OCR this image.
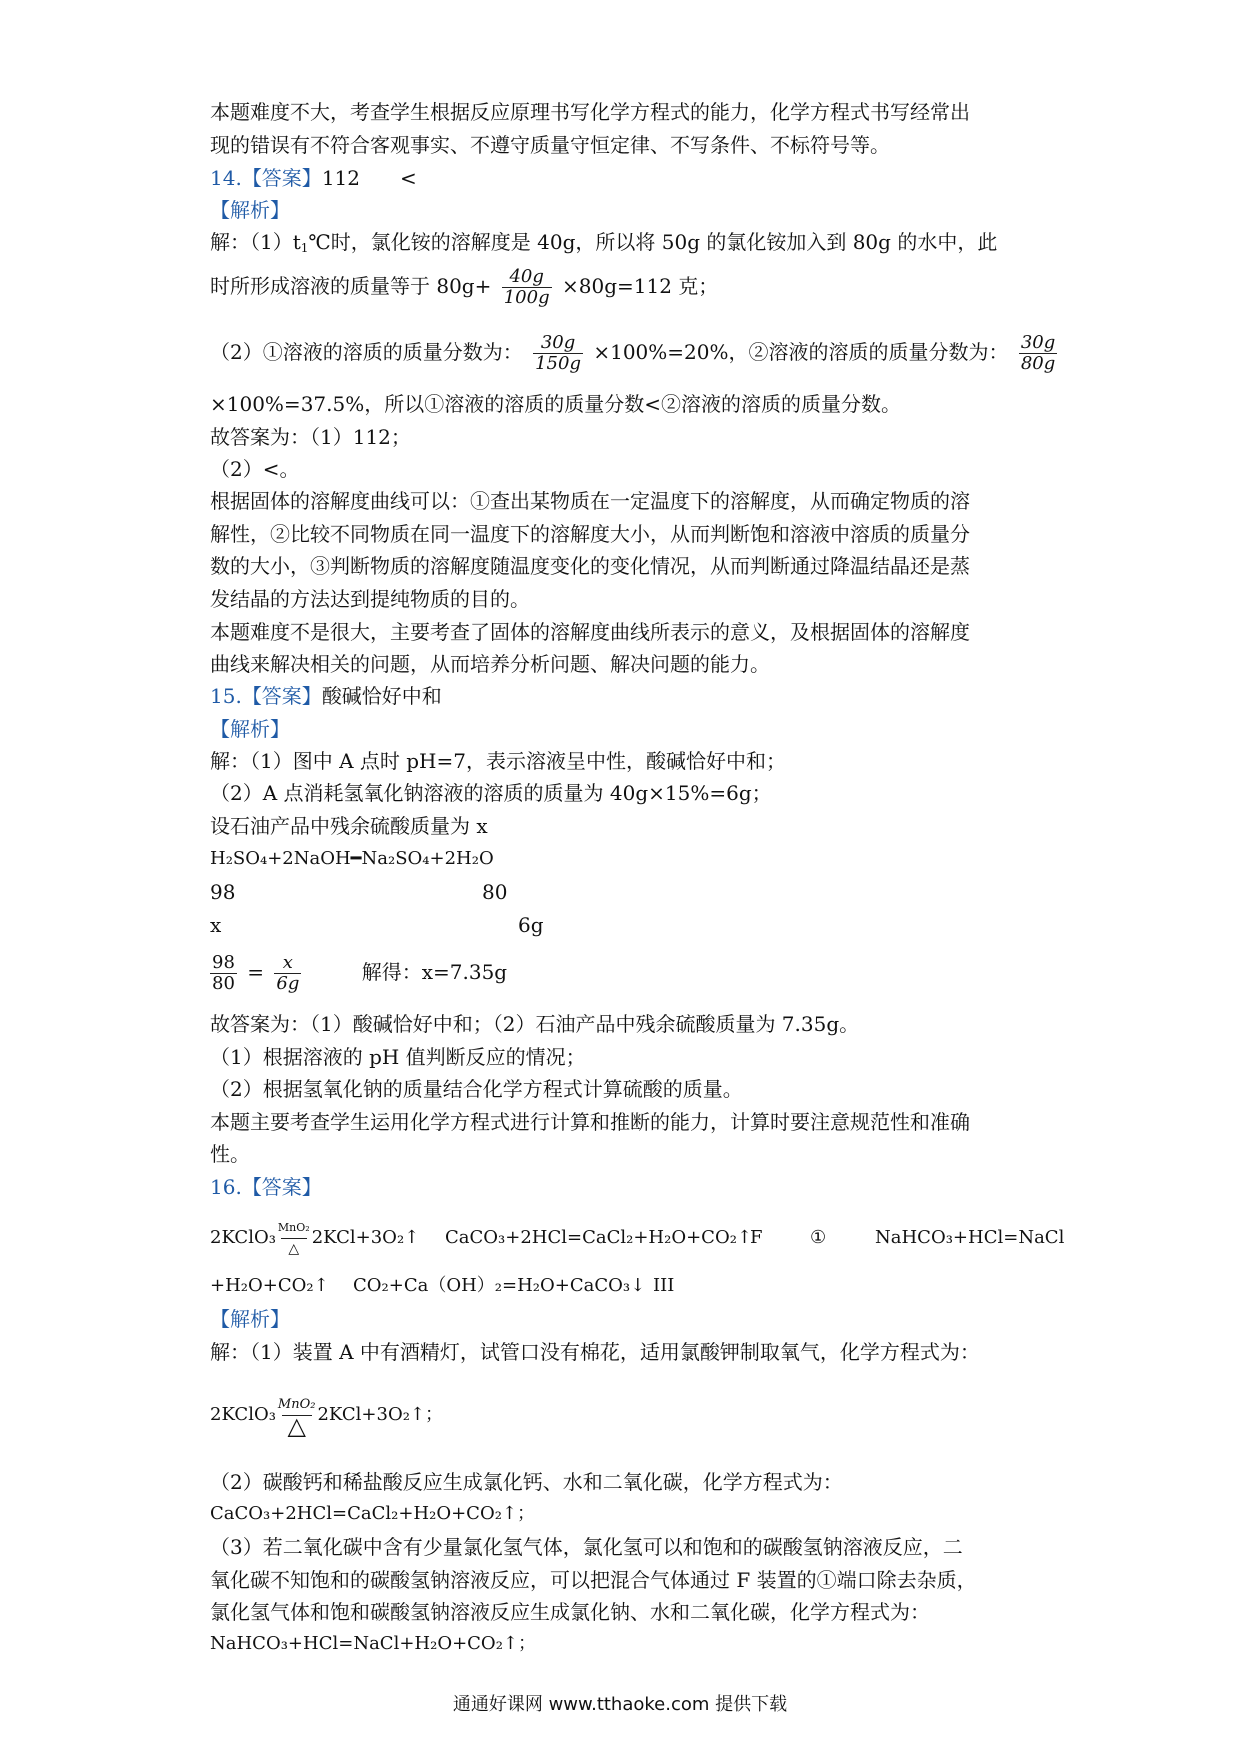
本题难度不大，考查学生根据反应原理书写化学方程式的能力，化学方程式书写经常出
现的错误有不符合客观事实、不遵守质量守恒定律、不写条件、不标符号等。
14.【答案】112　　<
【解析】
解：$(1)t_1℃$时，氯化铵的溶解度是 40g，所以将 50g 的氯化铵加入到 80g 的水中，此
时所形成溶液的质量等于 $80g+ \frac{40g}{100g} \times 80g=112$ 克；
（2）①溶液的溶质的质量分数为： $\frac{30g}{150g} \times 100\%=20\%$，②溶液的溶质的质量分数为： $\frac{30g}{80g}$
×100%=37.5%，所以①溶液的溶质的质量分数<②溶液的溶质的质量分数。
故答案为：（1）112；
（2）<。
根据固体的溶解度曲线可以：①查出某物质在一定温度下的溶解度，从而确定物质的溶
解性，②比较不同物质在同一温度下的溶解度大小，从而判断饱和溶液中溶质的质量分
数的大小，③判断物质的溶解度随温度变化的变化情况，从而判断通过降温结晶还是蒸
发结晶的方法达到提纯物质的目的。
本题难度不是很大，主要考查了固体的溶解度曲线所表示的意义，及根据固体的溶解度
曲线来解决相关的问题，从而培养分析问题、解决问题的能力。
15.【答案】酸碱恰好中和
【解析】
解：（1）图中 A 点时 pH=7，表示溶液呈中性，酸碱恰好中和；
（2）A 点消耗氢氧化钠溶液的溶质的质量为 40g×15%=6g；
设石油产品中残余硫酸质量为 x
H₂SO₄+2NaOH━Na₂SO₄+2H₂O
98	80
x	6g
$\frac{98}{80} = \frac{x}{6g}$	解得：x=7.35g
故答案为：（1）酸碱恰好中和；（2）石油产品中残余硫酸质量为 7.35g。
（1）根据溶液的 pH 值判断反应的情况；
（2）根据氢氧化钠的质量结合化学方程式计算硫酸的质量。
本题主要考查学生运用化学方程式进行计算和推断的能力，计算时要注意规范性和准确
性。
16.【答案】
2KClO₃ MnO₂
△
2KCl+3O₂↑ CaCO₃+2HCl=CaCl₂+H₂O+CO₂↑
F	①	NaHCO₃+HCl=NaCl
+H₂O+CO₂↑ CO₂+Ca（OH）₂=H₂O+CaCO₃↓ III
【解析】
解：（1）装置 A 中有酒精灯，试管口没有棉花，适用氯酸钾制取氧气，化学方程式为：
2KClO₃ MnO₂
△ 2KCl+3O₂↑；
（2）碳酸钙和稀盐酸反应生成氯化钙、水和二氧化碳，化学方程式为：
CaCO₃+2HCl=CaCl₂+H₂O+CO₂↑；
（3）若二氧化碳中含有少量氯化氢气体，氯化氢可以和饱和的碳酸氢钠溶液反应，二
氧化碳不知饱和的碳酸氢钠溶液反应，可以把混合气体通过 F 装置的①端口除去杂质，
氯化氢气体和饱和碳酸氢钠溶液反应生成氯化钠、水和二氧化碳，化学方程式为：
NaHCO₃+HCl=NaCl+H₂O+CO₂↑；
通通好课网 www.tthaoke.com 提供下载
